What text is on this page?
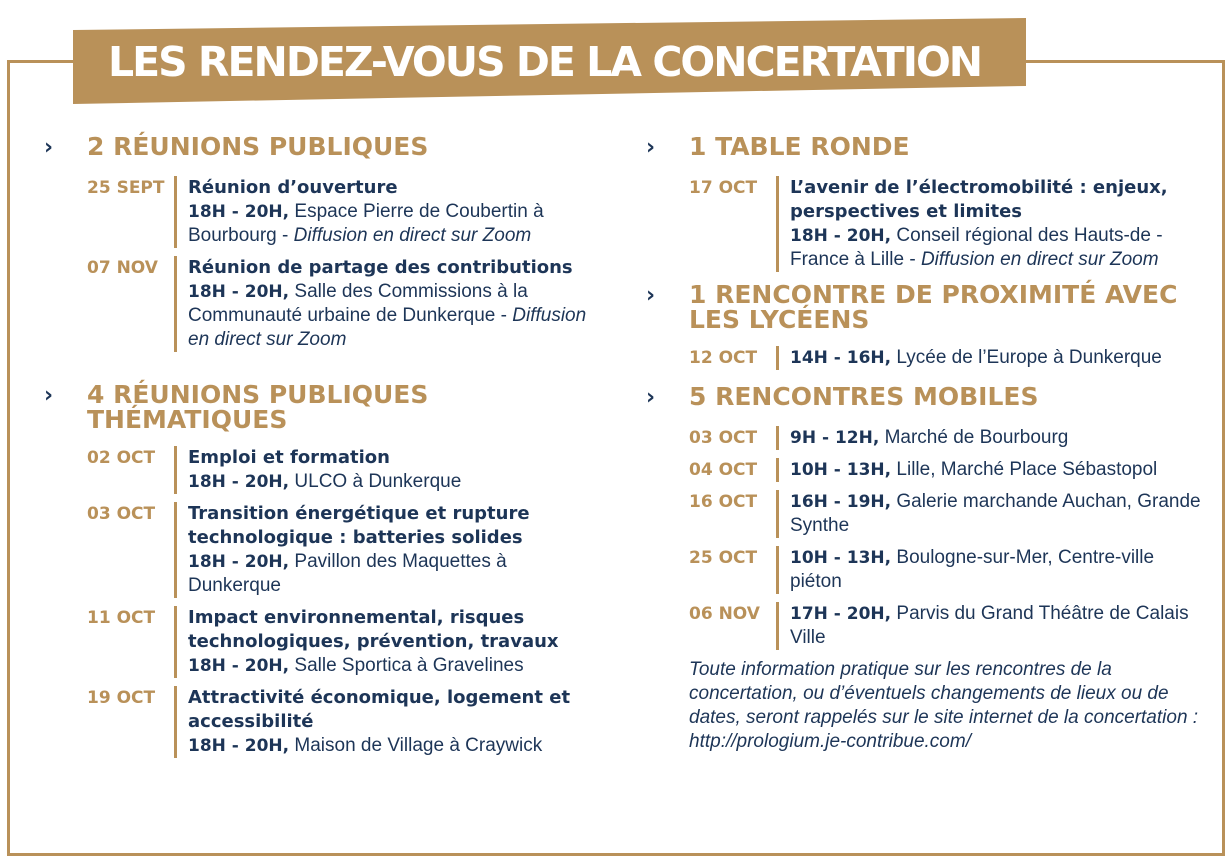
LES RENDEZ-VOUS DE LA CONCERTATION
›	2 RÉUNIONS PUBLIQUES
25 SEPT	Réunion d’ouverture
18H - 20H, Espace Pierre de Coubertin à Bourbourg - Diffusion en direct sur Zoom
07 NOV	Réunion de partage des contributions
18H - 20H, Salle des Commissions à la Communauté urbaine de Dunkerque - Diffusion en direct sur Zoom
›	4 RÉUNIONS PUBLIQUES THÉMATIQUES
02 OCT	Emploi et formation
18H - 20H, ULCO à Dunkerque
03 OCT	Transition énergétique et rupture technologique : batteries solides
18H - 20H, Pavillon des Maquettes à Dunkerque
11 OCT	Impact environnemental, risques technologiques, prévention, travaux
18H - 20H, Salle Sportica à Gravelines
19 OCT	Attractivité économique, logement et accessibilité
18H - 20H, Maison de Village à Craywick
›	1 TABLE RONDE
17 OCT	L’avenir de l’électromobilité : enjeux, perspectives et limites
18H - 20H, Conseil régional des Hauts-de -France à Lille - Diffusion en direct sur Zoom
›	1 RENCONTRE DE PROXIMITÉ AVEC LES LYCÉENS
12 OCT	14H - 16H, Lycée de l’Europe à Dunkerque
›	5 RENCONTRES MOBILES
03 OCT	9H - 12H, Marché de Bourbourg
04 OCT	10H - 13H, Lille, Marché Place Sébastopol
16 OCT	16H - 19H, Galerie marchande Auchan, Grande Synthe
25 OCT	10H - 13H, Boulogne-sur-Mer, Centre-ville piéton
06 NOV	17H - 20H, Parvis du Grand Théâtre de Calais Ville

Toute information pratique sur les rencontres de la concertation, ou d’éventuels changements de lieux ou de dates, seront rappelés sur le site internet de la concertation : http://prologium.je-contribue.com/
